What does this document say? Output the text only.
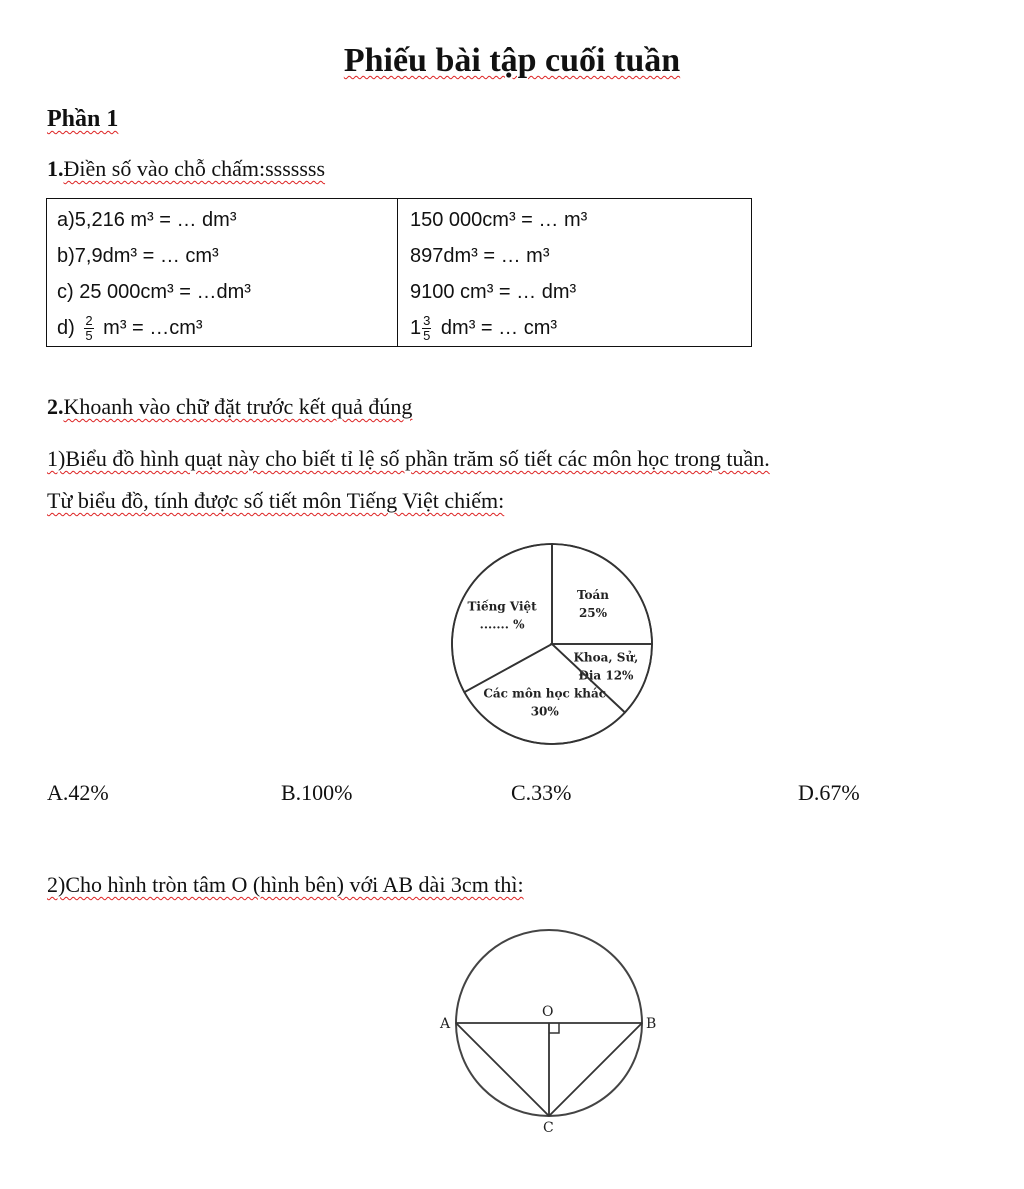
Phiếu bài tập cuối tuần
Phần 1
1.Điền số vào chỗ chấm:sssssss
a)5,216 m³ = … dm³	150 000cm³ = … m³
b)7,9dm³ = … cm³	897dm³ = … m³
c) 25 000cm³ = …dm³	9100 cm³ = … dm³
$d) \frac{2}{5} m^3$ = …cm³	$1 \frac{3}{5} dm^3$ = … cm³
2.Khoanh vào chữ đặt trước kết quả đúng
1)Biểu đồ hình quạt này cho biết tỉ lệ số phần trăm số tiết các môn học trong tuần.
Từ biểu đồ, tính được số tiết môn Tiếng Việt chiếm:
Toán
25%
Khoa, Sử,
Địa 12%
Các môn học khác
30%
Tiếng Việt
....... %
A.42%	B.100%	C.33%	D.67%
2)Cho hình tròn tâm O (hình bên) với AB dài 3cm thì:
O
A	B
C
